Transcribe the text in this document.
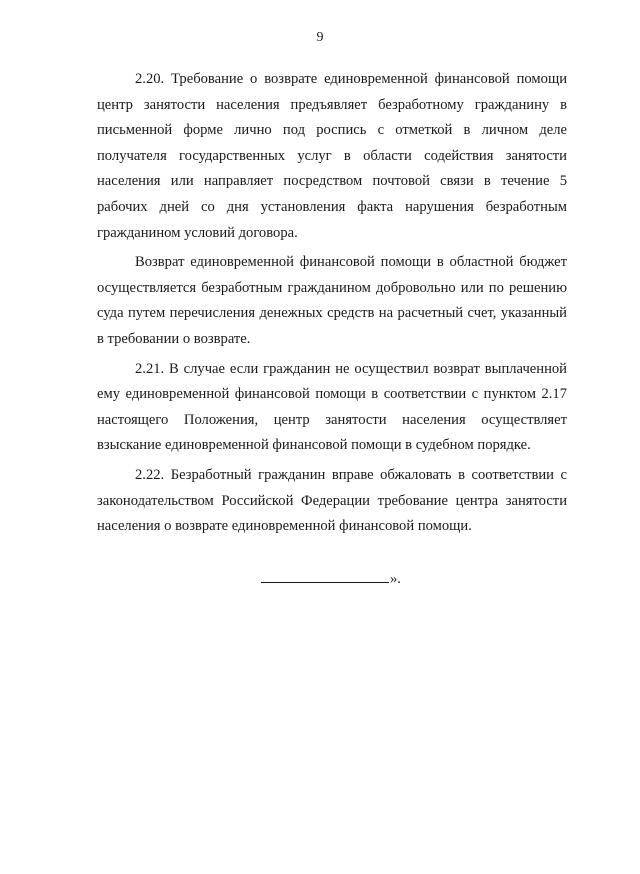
9

2.20. Требование о возврате единовременной финансовой помощи центр занятости населения предъявляет безработному гражданину в письменной форме лично под роспись с отметкой в личном деле получателя государственных услуг в области содействия занятости населения или направляет посредством почтовой связи в течение 5 рабочих дней со дня установления факта нарушения безработным гражданином условий договора.

Возврат единовременной финансовой помощи в областной бюджет осуществляется безработным гражданином добровольно или по решению суда путем перечисления денежных средств на расчетный счет, указанный в требовании о возврате.

2.21. В случае если гражданин не осуществил возврат выплаченной ему единовременной финансовой помощи в соответствии с пунктом 2.17 настоящего Положения, центр занятости населения осуществляет взыскание единовременной финансовой помощи в судебном порядке.

2.22. Безработный гражданин вправе обжаловать в соответствии с законодательством Российской Федерации требование центра занятости населения о возврате единовременной финансовой помощи.

».
